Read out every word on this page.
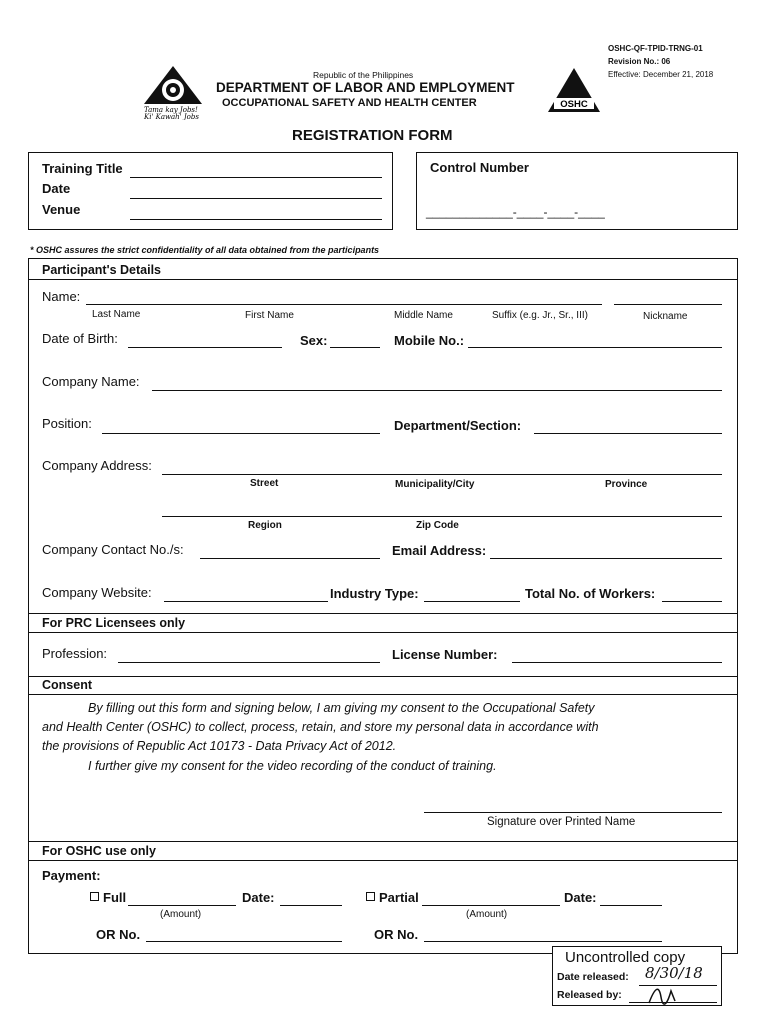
OSHC-QF-TPID-TRNG-01
Revision No.: 06
Effective: December 21, 2018
Tama kay Jobs!
Ki' Kawah' Jobs
Republic of the Philippines
DEPARTMENT OF LABOR AND EMPLOYMENT
OCCUPATIONAL SAFETY AND HEALTH CENTER	OSHC
REGISTRATION FORM
Training Title
Date
Venue
Control Number
_____________-____-____-____
* OSHC assures the strict confidentiality of all data obtained from the participants
Participant's Details
Name:
Last Name	First Name	Middle Name	Suffix (e.g. Jr., Sr., III)	Nickname
Date of Birth:	Sex:	Mobile No.:
Company Name:
Position:	Department/Section:
Company Address:
Street	Municipality/City	Province
Region	Zip Code
Company Contact No./s:	Email Address:
Company Website:	Industry Type:	Total No. of Workers:
For PRC Licensees only
Profession:	License Number:
Consent
By filling out this form and signing below, I am giving my consent to the Occupational Safety
and Health Center (OSHC) to collect, process, retain, and store my personal data in accordance with
the provisions of Republic Act 10173 - Data Privacy Act of 2012.
I further give my consent for the video recording of the conduct of training.
Signature over Printed Name
For OSHC use only
Payment:
Full
(Amount)
Date:	Partial
(Amount)
Date:
OR No.	OR No.
Uncontrolled copy
Date released: 8/30/18
Released by:
